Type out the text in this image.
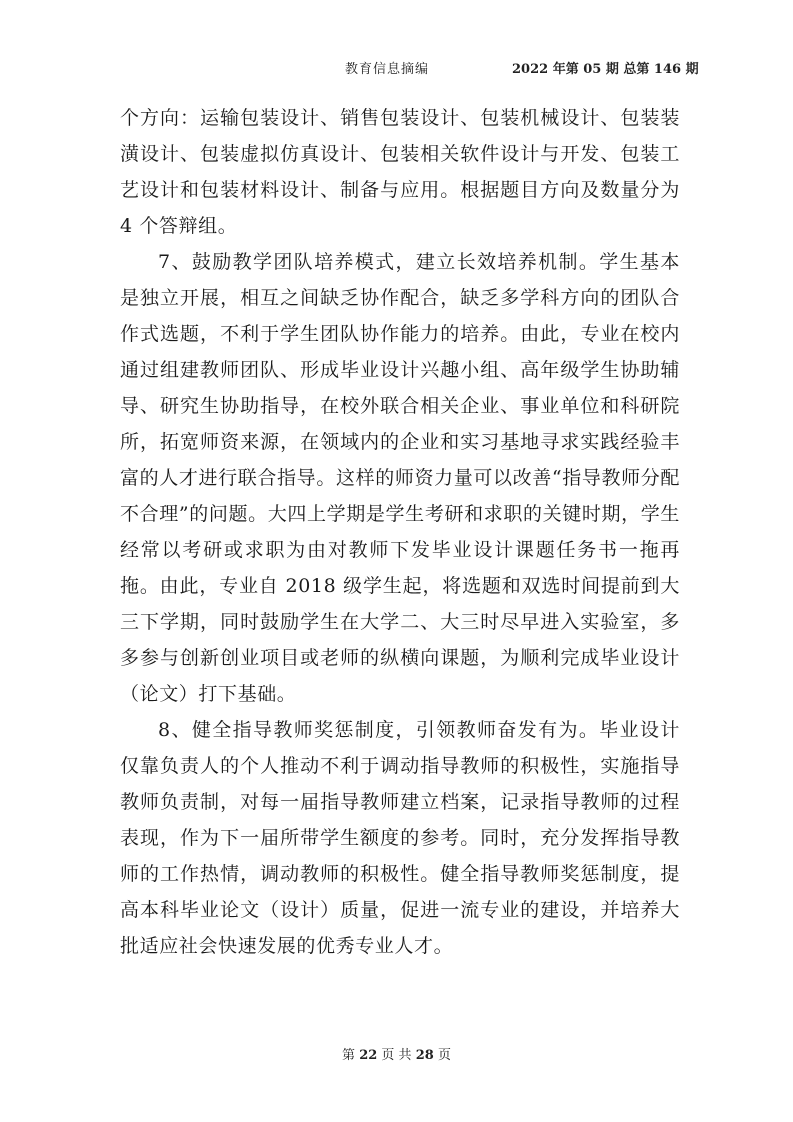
教育信息摘编	2022 年第 05 期 总第 146 期

个方向：运输包装设计、销售包装设计、包装机械设计、包装装潢设计、包装虚拟仿真设计、包装相关软件设计与开发、包装工艺设计和包装材料设计、制备与应用。根据题目方向及数量分为 4 个答辩组。

7、鼓励教学团队培养模式，建立长效培养机制。学生基本是独立开展，相互之间缺乏协作配合，缺乏多学科方向的团队合作式选题，不利于学生团队协作能力的培养。由此，专业在校内通过组建教师团队、形成毕业设计兴趣小组、高年级学生协助辅导、研究生协助指导，在校外联合相关企业、事业单位和科研院所，拓宽师资来源，在领域内的企业和实习基地寻求实践经验丰富的人才进行联合指导。这样的师资力量可以改善“指导教师分配不合理”的问题。大四上学期是学生考研和求职的关键时期，学生经常以考研或求职为由对教师下发毕业设计课题任务书一拖再拖。由此，专业自 2018 级学生起，将选题和双选时间提前到大三下学期，同时鼓励学生在大学二、大三时尽早进入实验室，多多参与创新创业项目或老师的纵横向课题，为顺利完成毕业设计（论文）打下基础。

8、健全指导教师奖惩制度，引领教师奋发有为。毕业设计仅靠负责人的个人推动不利于调动指导教师的积极性，实施指导教师负责制，对每一届指导教师建立档案，记录指导教师的过程表现，作为下一届所带学生额度的参考。同时，充分发挥指导教师的工作热情，调动教师的积极性。健全指导教师奖惩制度，提高本科毕业论文（设计）质量，促进一流专业的建设，并培养大批适应社会快速发展的优秀专业人才。

第 22 页 共 28 页
